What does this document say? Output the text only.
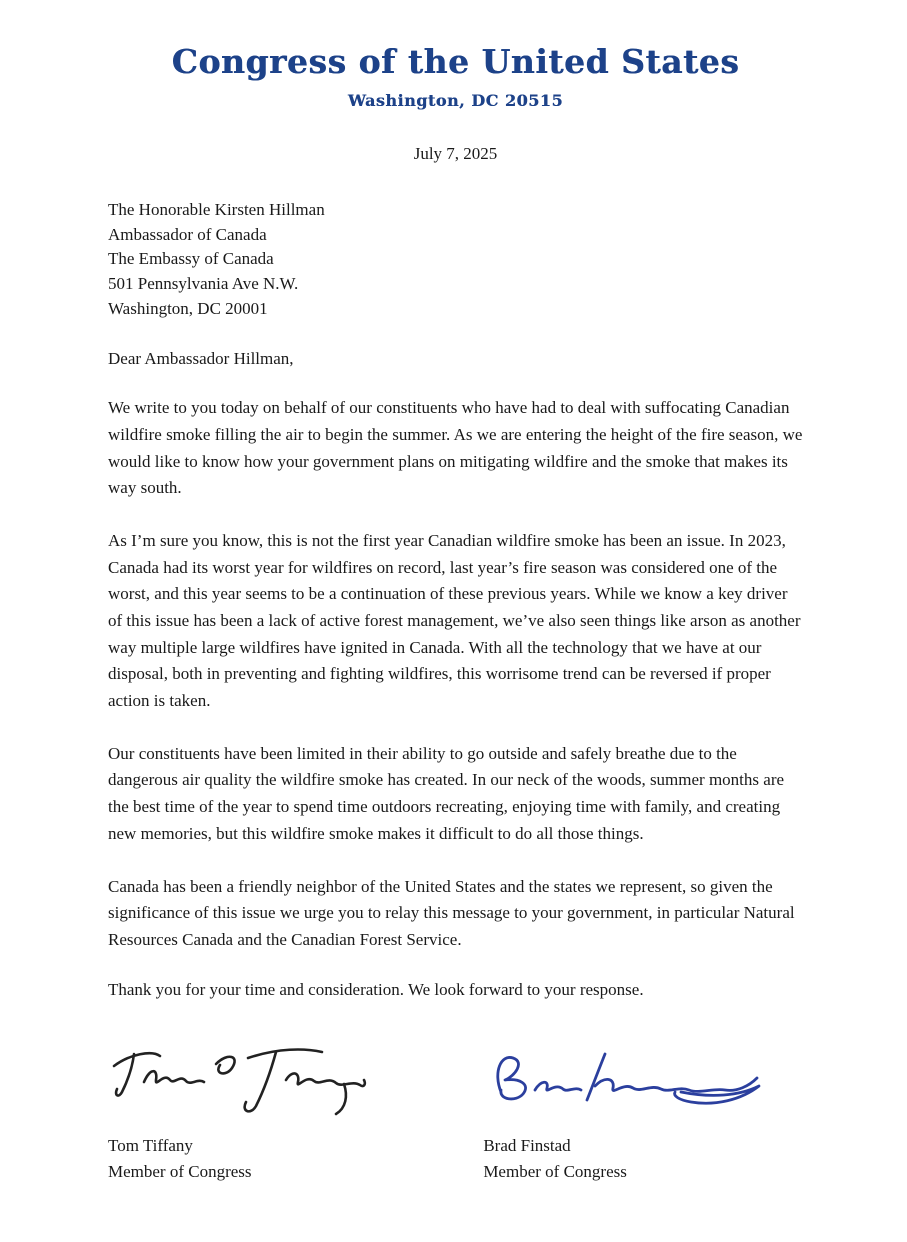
Congress of the United States
Washington, DC 20515
July 7, 2025
The Honorable Kirsten Hillman
Ambassador of Canada
The Embassy of Canada
501 Pennsylvania Ave N.W.
Washington, DC 20001
Dear Ambassador Hillman,
We write to you today on behalf of our constituents who have had to deal with suffocating Canadian wildfire smoke filling the air to begin the summer. As we are entering the height of the fire season, we would like to know how your government plans on mitigating wildfire and the smoke that makes its way south.
As I’m sure you know, this is not the first year Canadian wildfire smoke has been an issue. In 2023, Canada had its worst year for wildfires on record, last year’s fire season was considered one of the worst, and this year seems to be a continuation of these previous years. While we know a key driver of this issue has been a lack of active forest management, we’ve also seen things like arson as another way multiple large wildfires have ignited in Canada. With all the technology that we have at our disposal, both in preventing and fighting wildfires, this worrisome trend can be reversed if proper action is taken.
Our constituents have been limited in their ability to go outside and safely breathe due to the dangerous air quality the wildfire smoke has created. In our neck of the woods, summer months are the best time of the year to spend time outdoors recreating, enjoying time with family, and creating new memories, but this wildfire smoke makes it difficult to do all those things.
Canada has been a friendly neighbor of the United States and the states we represent, so given the significance of this issue we urge you to relay this message to your government, in particular Natural Resources Canada and the Canadian Forest Service.
Thank you for your time and consideration. We look forward to your response.
Tom Tiffany
Member of Congress
Brad Finstad
Member of Congress
